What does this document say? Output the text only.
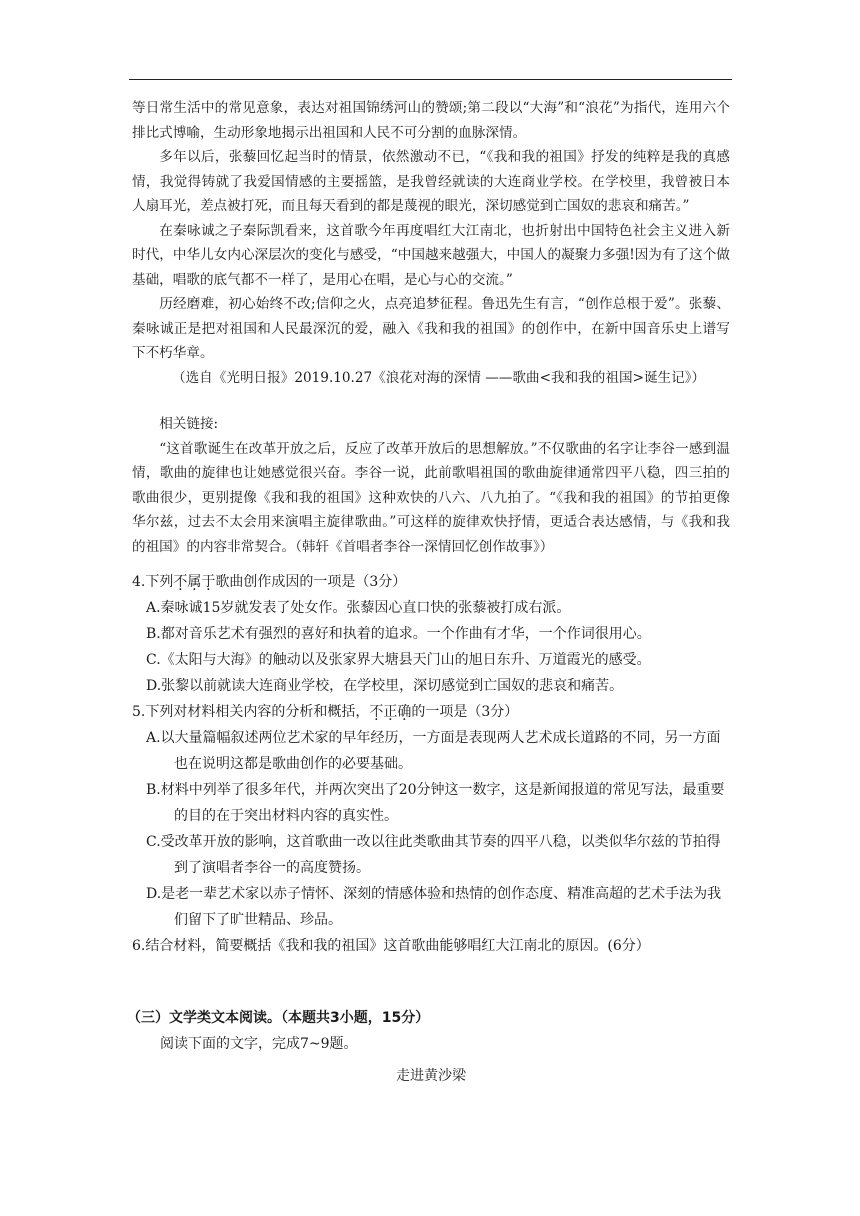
等日常生活中的常见意象，表达对祖国锦绣河山的赞颂;第二段以“大海”和“浪花”为指代，连用六个排比式博喻，生动形象地揭示出祖国和人民不可分割的血脉深情。

多年以后，张藜回忆起当时的情景，依然激动不已，“《我和我的祖国》抒发的纯粹是我的真感情，我觉得铸就了我爱国情感的主要摇篮，是我曾经就读的大连商业学校。在学校里，我曾被日本人扇耳光，差点被打死，而且每天看到的都是蔑视的眼光，深切感觉到亡国奴的悲哀和痛苦。”

在秦咏诚之子秦际凯看来，这首歌今年再度唱红大江南北，也折射出中国特色社会主义进入新时代，中华儿女内心深层次的变化与感受，“中国越来越强大，中国人的凝聚力多强!因为有了这个做基础，唱歌的底气都不一样了，是用心在唱，是心与心的交流。”

历经磨难，初心始终不改;信仰之火，点亮追梦征程。鲁迅先生有言，“创作总根于爱”。张藜、秦咏诚正是把对祖国和人民最深沉的爱，融入《我和我的祖国》的创作中，在新中国音乐史上谱写下不朽华章。

（选自《光明日报》2019.10.27《浪花对海的深情 ——歌曲<我和我的祖国>诞生记》）

相关链接:

“这首歌诞生在改革开放之后，反应了改革开放后的思想解放。”不仅歌曲的名字让李谷一感到温情，歌曲的旋律也让她感觉很兴奋。李谷一说，此前歌唱祖国的歌曲旋律通常四平八稳，四三拍的歌曲很少，更别提像《我和我的祖国》这种欢快的八六、八九拍了。“《我和我的祖国》的节拍更像华尔兹，过去不太会用来演唱主旋律歌曲。”可这样的旋律欢快抒情，更适合表达感情，与《我和我的祖国》的内容非常契合。（韩轩《首唱者李谷一深情回忆创作故事》）

4.下列不属于歌曲创作成因的一项是（3分）

A.秦咏诚15岁就发表了处女作。张藜因心直口快的张藜被打成右派。

B.都对音乐艺术有强烈的喜好和执着的追求。一个作曲有才华，一个作词很用心。

C.《太阳与大海》的触动以及张家界大塘县天门山的旭日东升、万道霞光的感受。

D.张黎以前就读大连商业学校，在学校里，深切感觉到亡国奴的悲哀和痛苦。

5.下列对材料相关内容的分析和概括，不正确的一项是（3分）

A.以大量篇幅叙述两位艺术家的早年经历，一方面是表现两人艺术成长道路的不同，另一方面也在说明这都是歌曲创作的必要基础。

B.材料中列举了很多年代，并两次突出了20分钟这一数字，这是新闻报道的常见写法，最重要的目的在于突出材料内容的真实性。

C.受改革开放的影响，这首歌曲一改以往此类歌曲其节奏的四平八稳，以类似华尔兹的节拍得到了演唱者李谷一的高度赞扬。

D.是老一辈艺术家以赤子情怀、深刻的情感体验和热情的创作态度、精准高超的艺术手法为我们留下了旷世精品、珍品。

6.结合材料，简要概括《我和我的祖国》这首歌曲能够唱红大江南北的原因。(6分）

（三）文学类文本阅读。（本题共3小题，15分）

阅读下面的文字，完成7~9题。

走进黄沙梁
